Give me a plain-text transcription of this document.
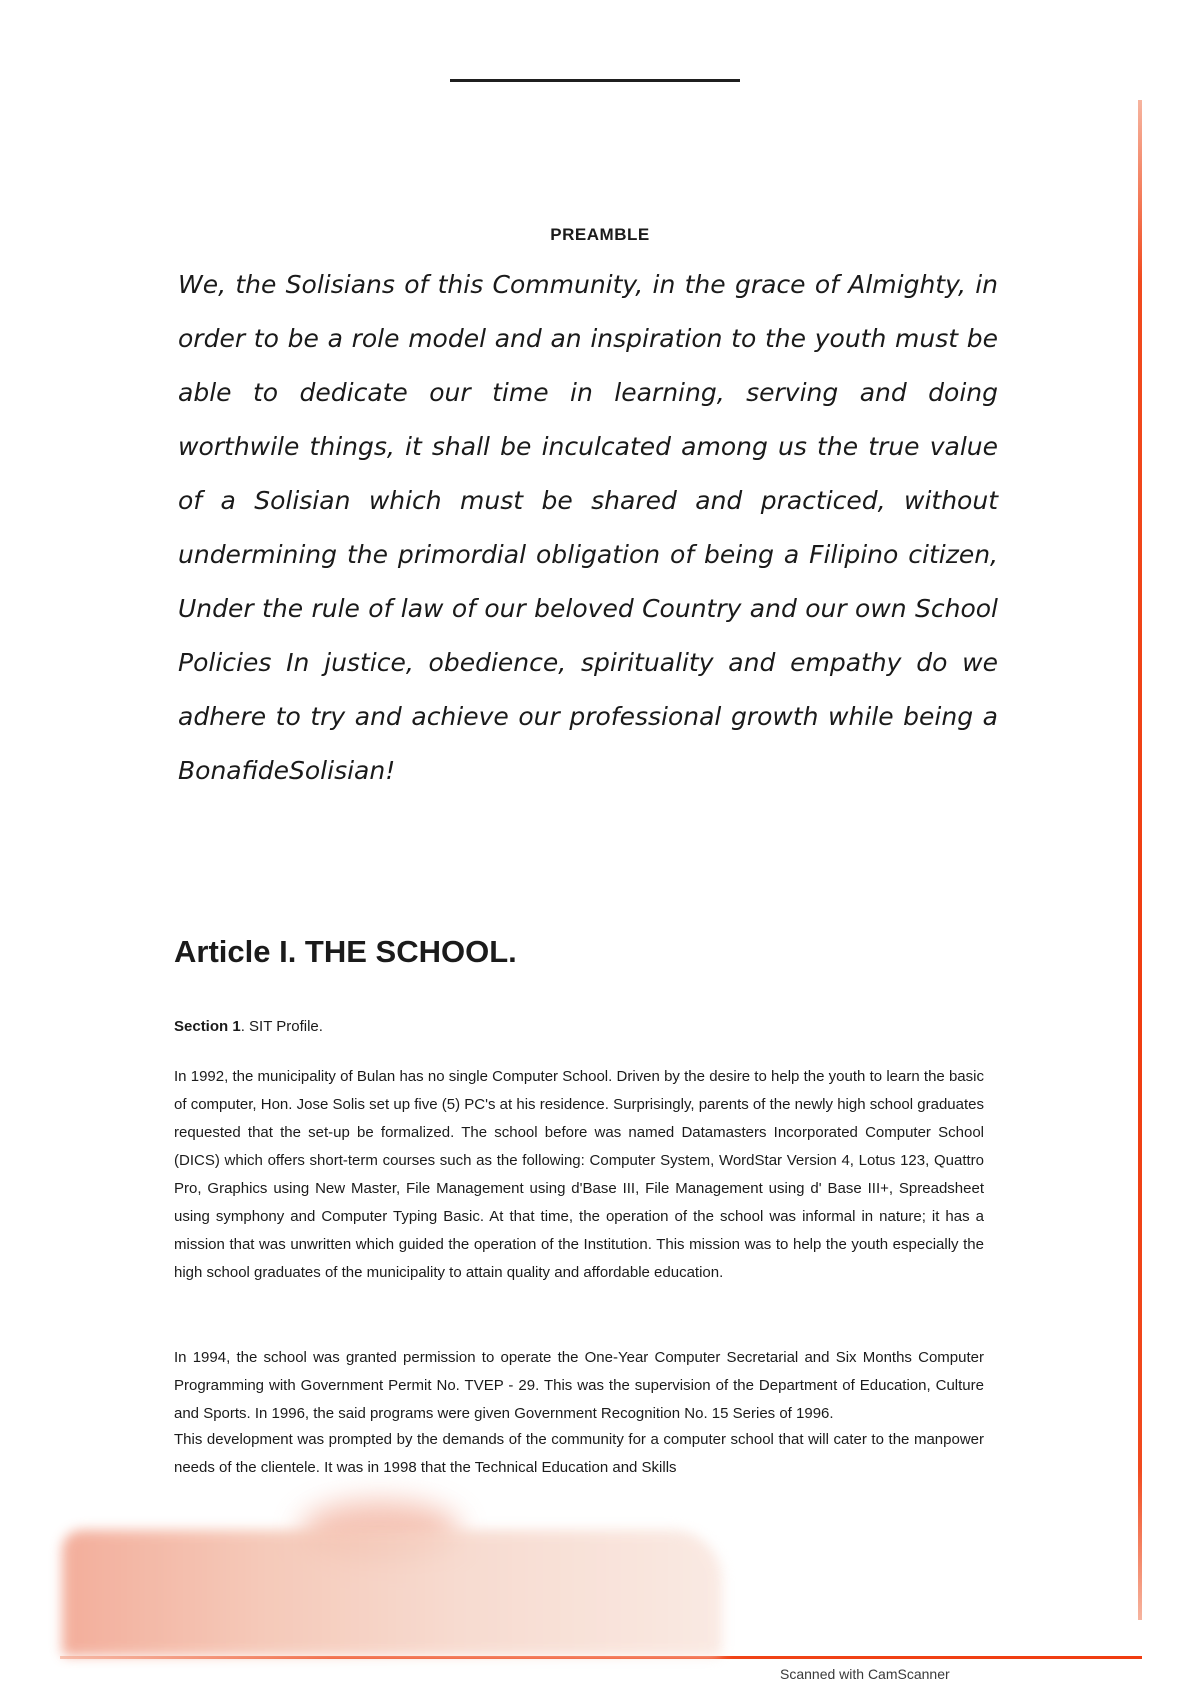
PREAMBLE

We, the Solisians of this Community, in the grace of Almighty, in order to be a role model and an inspiration to the youth must be able to dedicate our time in learning, serving and doing worthwile things, it shall be inculcated among us the true value of a Solisian which must be shared and practiced, without undermining the primordial obligation of being a Filipino citizen, Under the rule of law of our beloved Country and our own School Policies In justice, obedience, spirituality and empathy do we adhere to try and achieve our professional growth while being a BonafideSolisian!

Article I. THE SCHOOL.

Section 1. SIT Profile.

In 1992, the municipality of Bulan has no single Computer School. Driven by the desire to help the youth to learn the basic of computer, Hon. Jose Solis set up five (5) PC's at his residence. Surprisingly, parents of the newly high school graduates requested that the set-up be formalized. The school before was named Datamasters Incorporated Computer School (DICS) which offers short-term courses such as the following: Computer System, WordStar Version 4, Lotus 123, Quattro Pro, Graphics using New Master, File Management using d'Base III, File Management using d' Base III+, Spreadsheet using symphony and Computer Typing Basic. At that time, the operation of the school was informal in nature; it has a mission that was unwritten which guided the operation of the Institution. This mission was to help the youth especially the high school graduates of the municipality to attain quality and affordable education.

In 1994, the school was granted permission to operate the One-Year Computer Secretarial and Six Months Computer Programming with Government Permit No. TVEP - 29. This was the supervision of the Department of Education, Culture and Sports. In 1996, the said programs were given Government Recognition No. 15 Series of 1996.

This development was prompted by the demands of the community for a computer school that will cater to the manpower needs of the clientele. It was in 1998 that the Technical Education and Skills

Scanned with CamScanner
